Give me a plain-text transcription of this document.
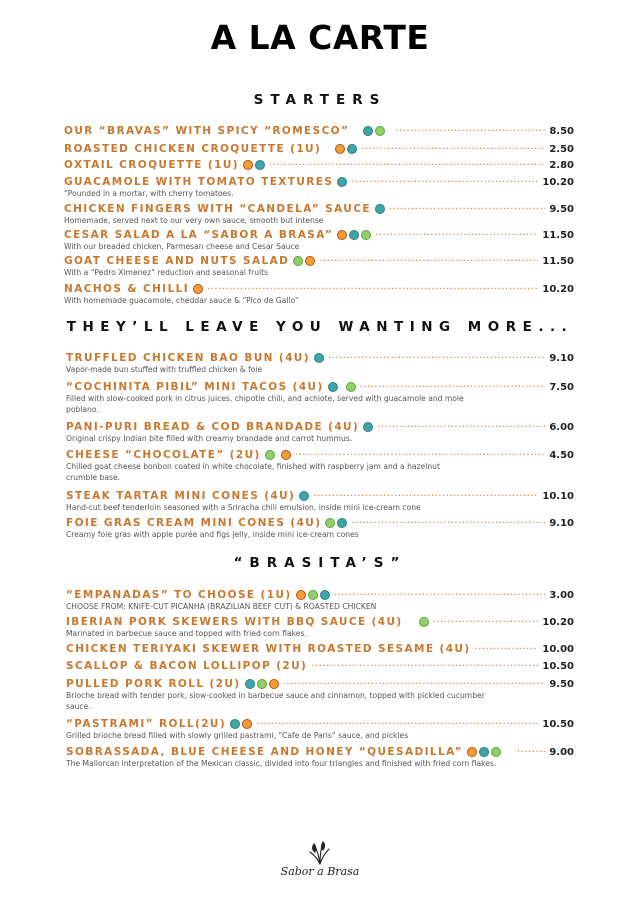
A LA CARTE
STARTERS
OUR “BRAVAS” WITH SPICY “ROMESCO” .....	8.50
ROASTED CHICKEN CROQUETTE (1U) .....	2.50
OXTAIL CROQUETTE (1U) .....	2.80
GUACAMOLE WITH TOMATO TEXTURES .....	10.20
“Pounded in a mortar, with cherry tomatoes.
CHICKEN FINGERS WITH “CANDELA” SAUCE .....	9.50
Homemade, served next to our very own sauce, smooth but intense
CESAR SALAD A LA “SABOR A BRASA” .....	11.50
With our breaded chicken, Parmesan cheese and Cesar Sauce
GOAT CHEESE AND NUTS SALAD .....	11.50
With a “Pedro Ximenez” reduction and seasonal fruits
NACHOS & CHILLI .....	10.20
With homemade guacamole, cheddar sauce & “Pico de Gallo”
THEY’LL LEAVE YOU WANTING MORE...
TRUFFLED CHICKEN BAO BUN (4U) .....	9.10
Vapor-made bun stuffed with truffled chicken & foie
“COCHINITA PIBIL” MINI TACOS (4U) .....	7.50
Filled with slow-cooked pork in citrus juices, chipotle chili, and achiote, served with guacamole and mole
poblano.
PANI-PURI BREAD & COD BRANDADE (4U) .....	6.00
Original crispy Indian bite filled with creamy brandade and carrot hummus.
CHEESE “CHOCOLATE” (2U) .....	4.50
Chilled goat cheese bonbon coated in white chocolate, finished with raspberry jam and a hazelnut
crumble base.
STEAK TARTAR MINI CONES (4U) .....	10.10
Hand-cut beef tenderloin seasoned with a Sriracha chili emulsion, inside mini ice-cream cone
FOIE GRAS CREAM MINI CONES (4U) .....	9.10
Creamy foie gras with apple purée and figs jelly, inside mini ice-cream cones
“BRASITA’S”
“EMPANADAS” TO CHOOSE (1U) .....	3.00
CHOOSE FROM: KNIFE-CUT PICANHA (BRAZILIAN BEEF CUT) & ROASTED CHICKEN
IBERIAN PORK SKEWERS WITH BBQ SAUCE (4U) .....	10.20
Marinated in barbecue sauce and topped with fried corn flakes.
CHICKEN TERIYAKI SKEWER WITH ROASTED SESAME (4U) .....	10.00
SCALLOP & BACON LOLLIPOP (2U) .....	10.50
PULLED PORK ROLL (2U) .....	9.50
Brioche bread with tender pork, slow-cooked in barbecue sauce and cinnamon, topped with pickled cucumber
sauce.
“PASTRAMI” ROLL(2U) .....	10.50
Grilled brioche bread filled with slowly grilled pastrami, “Cafe de Paris” sauce, and pickles
SOBRASSADA, BLUE CHEESE AND HONEY “QUESADILLA” .....	9.00
The Mallorcan interpretation of the Mexican classic, divided into four triangles and finished with fried corn flakes.
Sabor a Brasa
